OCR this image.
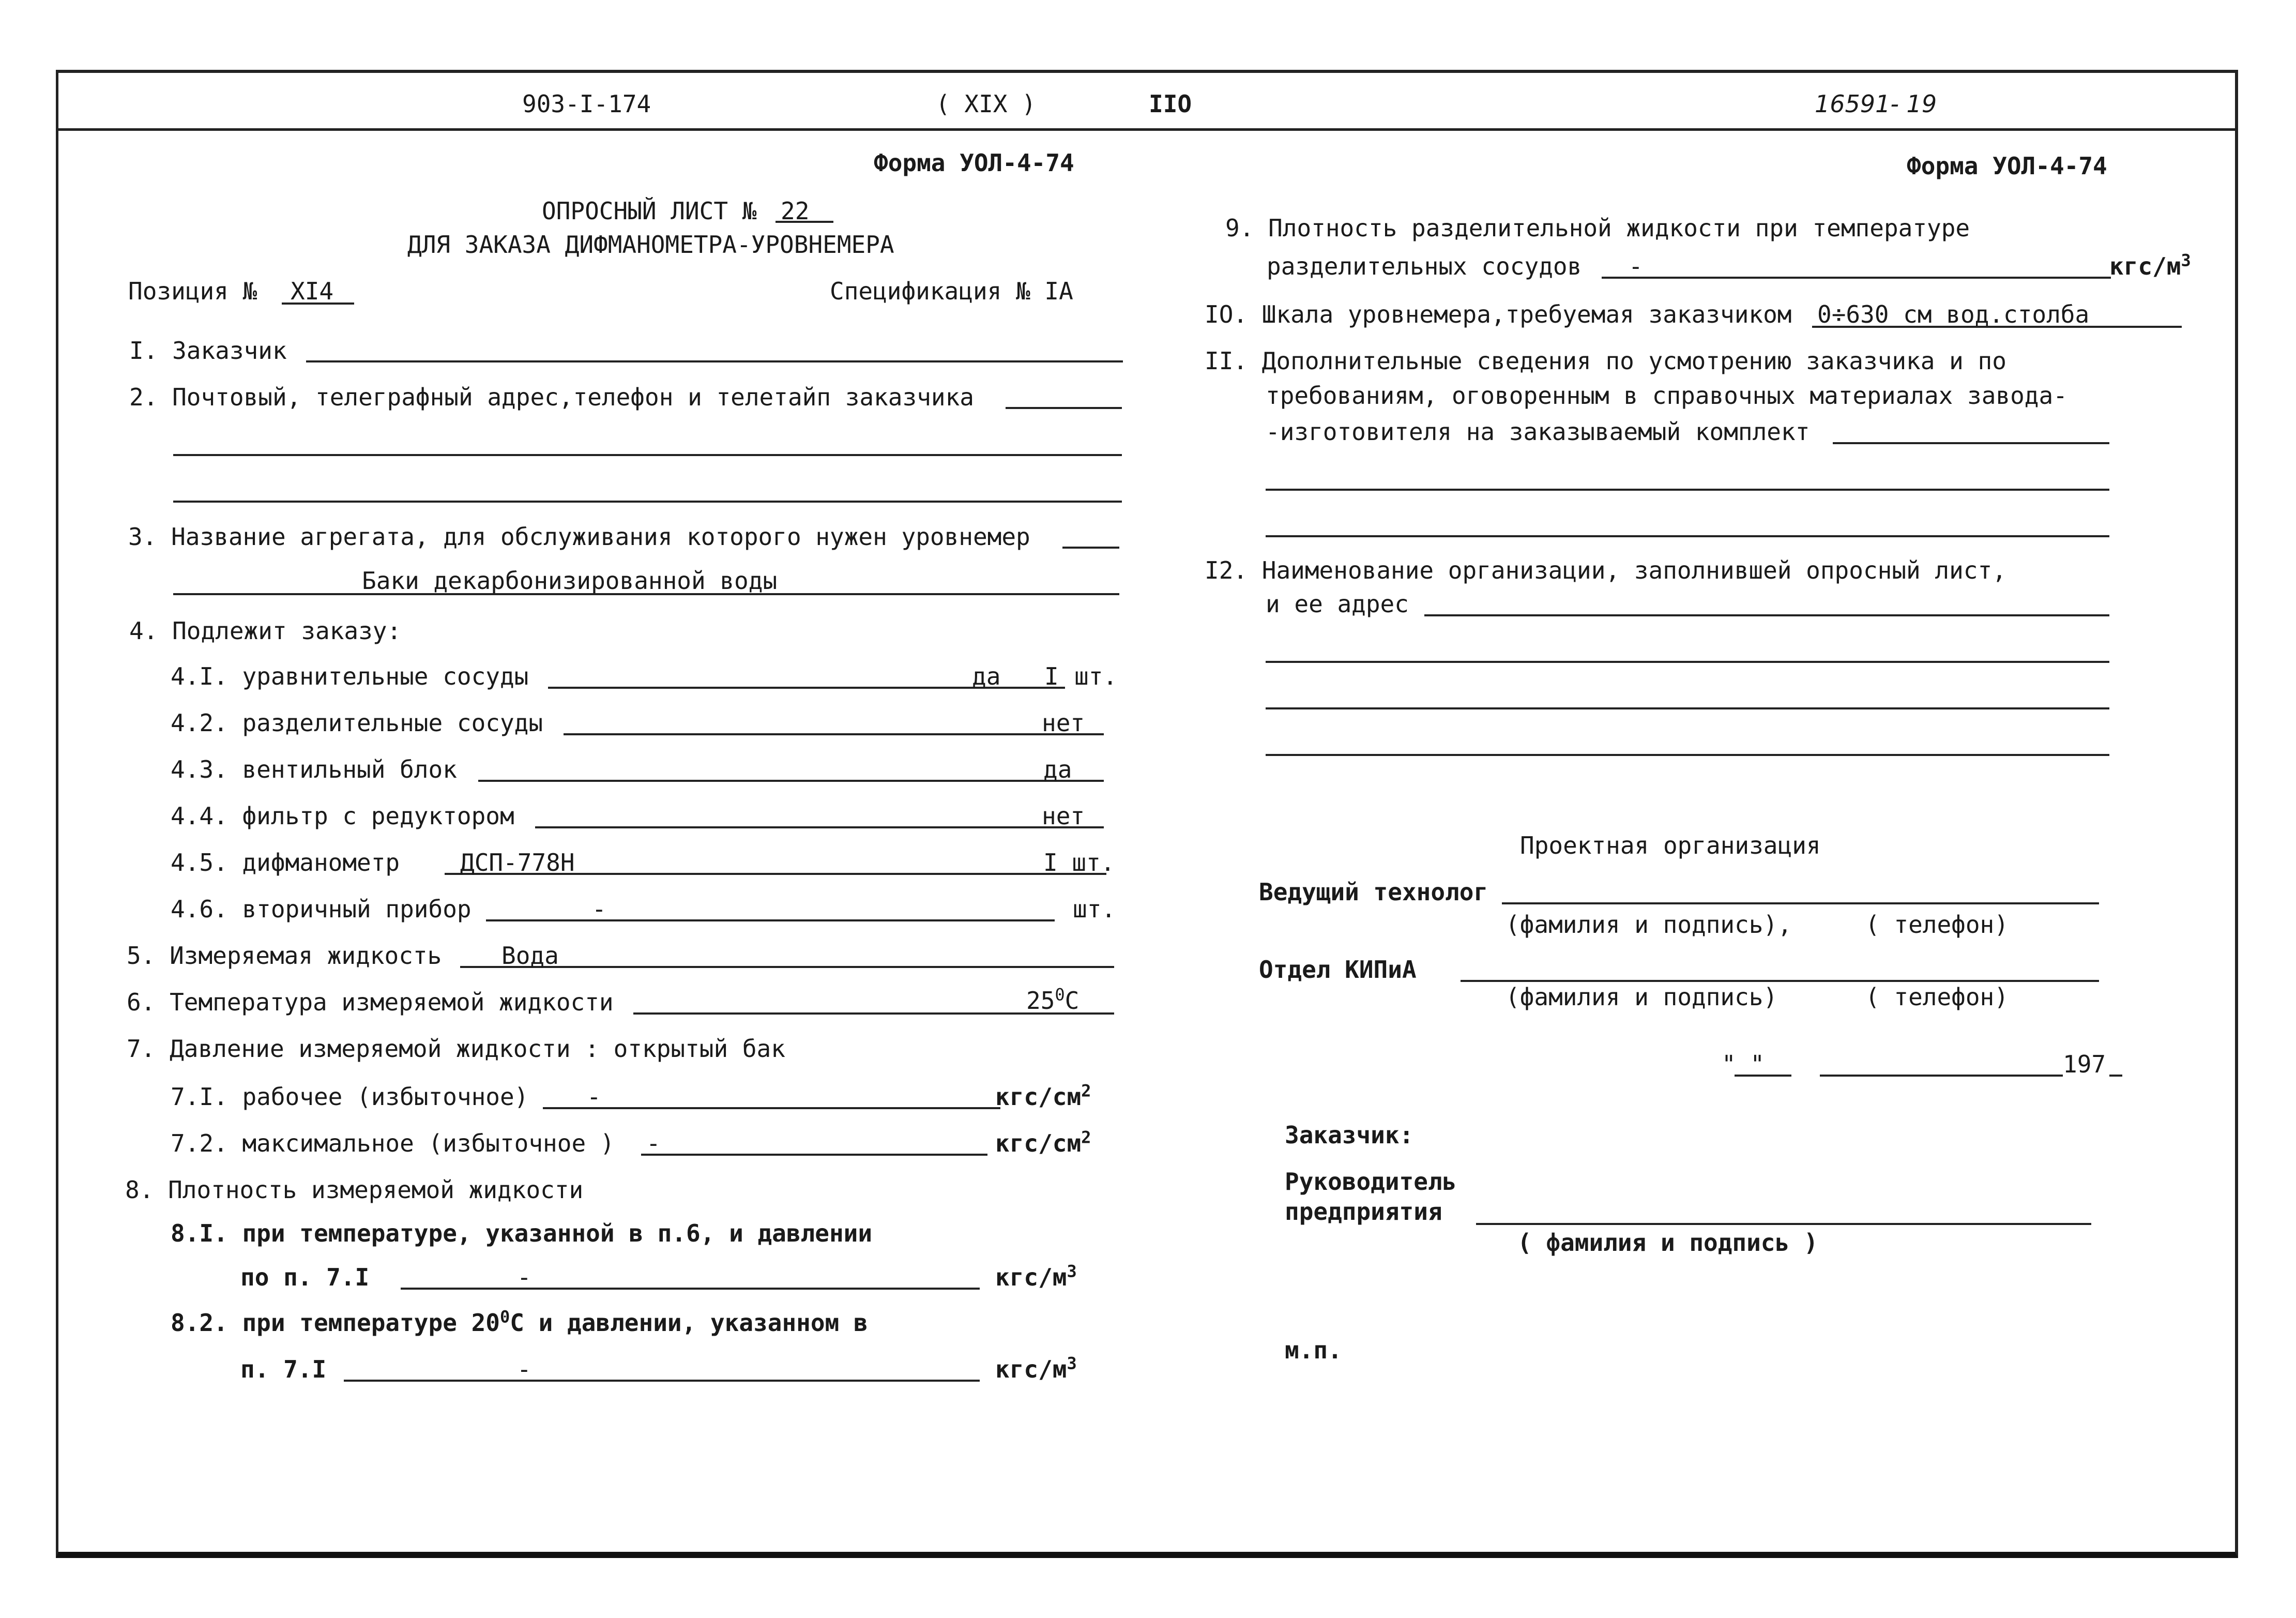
903-I-174	( XIX )	IIO	16591- 19
Форма УОЛ-4-74
ОПРОСНЫЙ ЛИСТ № 22
ДЛЯ ЗАКАЗА ДИФМАНОМЕТРА-УРОВНЕМЕРА
Позиция № XI4	Спецификация № IA
I. Заказчик
2. Почтовый, телеграфный адрес,телефон и телетайп заказчика
3. Название агрегата, для обслуживания которого нужен уровнемер
Баки декарбонизированной воды
4. Подлежит заказу:
4.I. уравнительные сосуды	да I шт.
4.2. разделительные сосуды	нет
4.3. вентильный блок	да
4.4. фильтр с редуктором	нет
4.5. дифманометр	ДСП-778Н	I шт.
4.6. вторичный прибор	-	шт.
5. Измеряемая жидкость	Вода
6. Температура измеряемой жидкости	$25^0С$
7. Давление измеряемой жидкости : открытый бак
7.I. рабочее (избыточное) -	кгс/$см^2$
7.2. максимальное (избыточное ) -	кгс/$см^2$
8. Плотность измеряемой жидкости
8.I. при температуре, указанной в п.6, и давлении
по п. 7.I	-	кгс/$м^3$
8.2. при температуре $20^0С$ и давлении, указанном в
п. 7.I	-	кгс/$м^3$
Форма УОЛ-4-74
9. Плотность разделительной жидкости при температуре
разделительных сосудов -	кгс/$м^3$
IO. Шкала уровнемера,требуемая заказчиком 0÷630 см вод.столба
II. Дополнительные сведения по усмотрению заказчика и по
требованиям, оговоренным в справочных материалах завода-
-изготовителя на заказываемый комплект
I2. Наименование организации, заполнившей опросный лист,
и ее адрес
Проектная организация
Ведущий технолог
(фамилия и подпись),	( телефон)
Отдел КИПиА
(фамилия и подпись)	( телефон)
" "	197
Заказчик:
Руководитель
предприятия
( фамилия и подпись )
м.п.
